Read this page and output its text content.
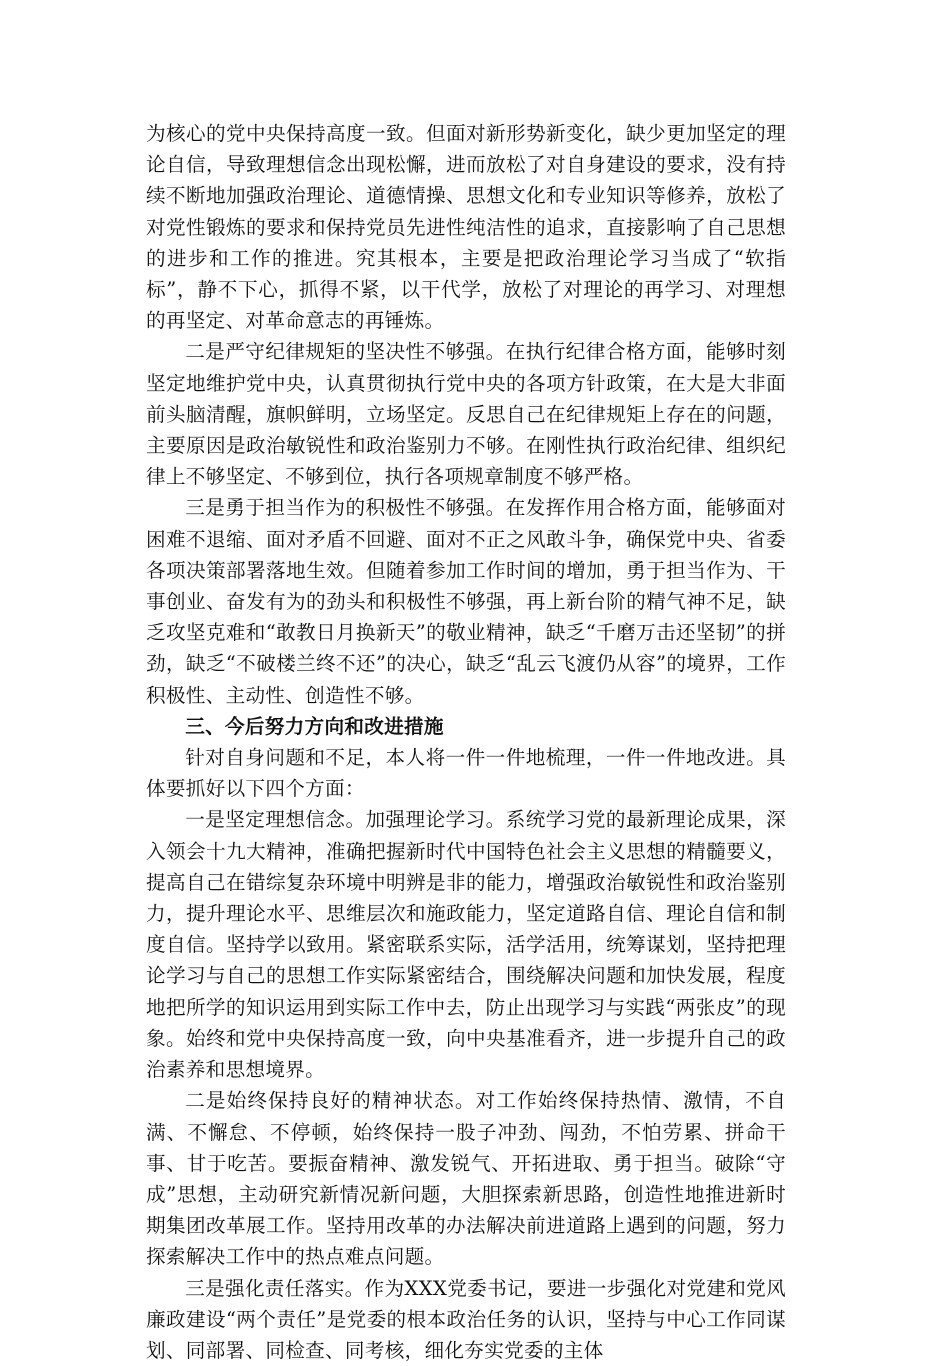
为核心的党中央保持高度一致。但面对新形势新变化，缺少更加坚定的理论自信，导致理想信念出现松懈，进而放松了对自身建设的要求，没有持续不断地加强政治理论、道德情操、思想文化和专业知识等修养，放松了对党性锻炼的要求和保持党员先进性纯洁性的追求，直接影响了自己思想的进步和工作的推进。究其根本，主要是把政治理论学习当成了“软指标”，静不下心，抓得不紧，以干代学，放松了对理论的再学习、对理想的再坚定、对革命意志的再锤炼。

二是严守纪律规矩的坚决性不够强。在执行纪律合格方面，能够时刻坚定地维护党中央，认真贯彻执行党中央的各项方针政策，在大是大非面前头脑清醒，旗帜鲜明，立场坚定。反思自己在纪律规矩上存在的问题，主要原因是政治敏锐性和政治鉴别力不够。在刚性执行政治纪律、组织纪律上不够坚定、不够到位，执行各项规章制度不够严格。

三是勇于担当作为的积极性不够强。在发挥作用合格方面，能够面对困难不退缩、面对矛盾不回避、面对不正之风敢斗争，确保党中央、省委各项决策部署落地生效。但随着参加工作时间的增加，勇于担当作为、干事创业、奋发有为的劲头和积极性不够强，再上新台阶的精气神不足，缺乏攻坚克难和“敢教日月换新天”的敬业精神，缺乏“千磨万击还坚韧”的拼劲，缺乏“不破楼兰终不还”的决心，缺乏“乱云飞渡仍从容”的境界，工作积极性、主动性、创造性不够。

三、今后努力方向和改进措施

针对自身问题和不足，本人将一件一件地梳理，一件一件地改进。具体要抓好以下四个方面：

一是坚定理想信念。加强理论学习。系统学习党的最新理论成果，深入领会十九大精神，准确把握新时代中国特色社会主义思想的精髓要义，提高自己在错综复杂环境中明辨是非的能力，增强政治敏锐性和政治鉴别力，提升理论水平、思维层次和施政能力，坚定道路自信、理论自信和制度自信。坚持学以致用。紧密联系实际，活学活用，统筹谋划，坚持把理论学习与自己的思想工作实际紧密结合，围绕解决问题和加快发展，程度地把所学的知识运用到实际工作中去，防止出现学习与实践“两张皮”的现象。始终和党中央保持高度一致，向中央基准看齐，进一步提升自己的政治素养和思想境界。

二是始终保持良好的精神状态。对工作始终保持热情、激情，不自满、不懈怠、不停顿，始终保持一股子冲劲、闯劲，不怕劳累、拼命干事、甘于吃苦。要振奋精神、激发锐气、开拓进取、勇于担当。破除“守成”思想，主动研究新情况新问题，大胆探索新思路，创造性地推进新时期集团改革展工作。坚持用改革的办法解决前进道路上遇到的问题，努力探索解决工作中的热点难点问题。

三是强化责任落实。作为XXX党委书记，要进一步强化对党建和党风廉政建设“两个责任”是党委的根本政治任务的认识，坚持与中心工作同谋划、同部署、同检查、同考核，细化夯实党委的主体
